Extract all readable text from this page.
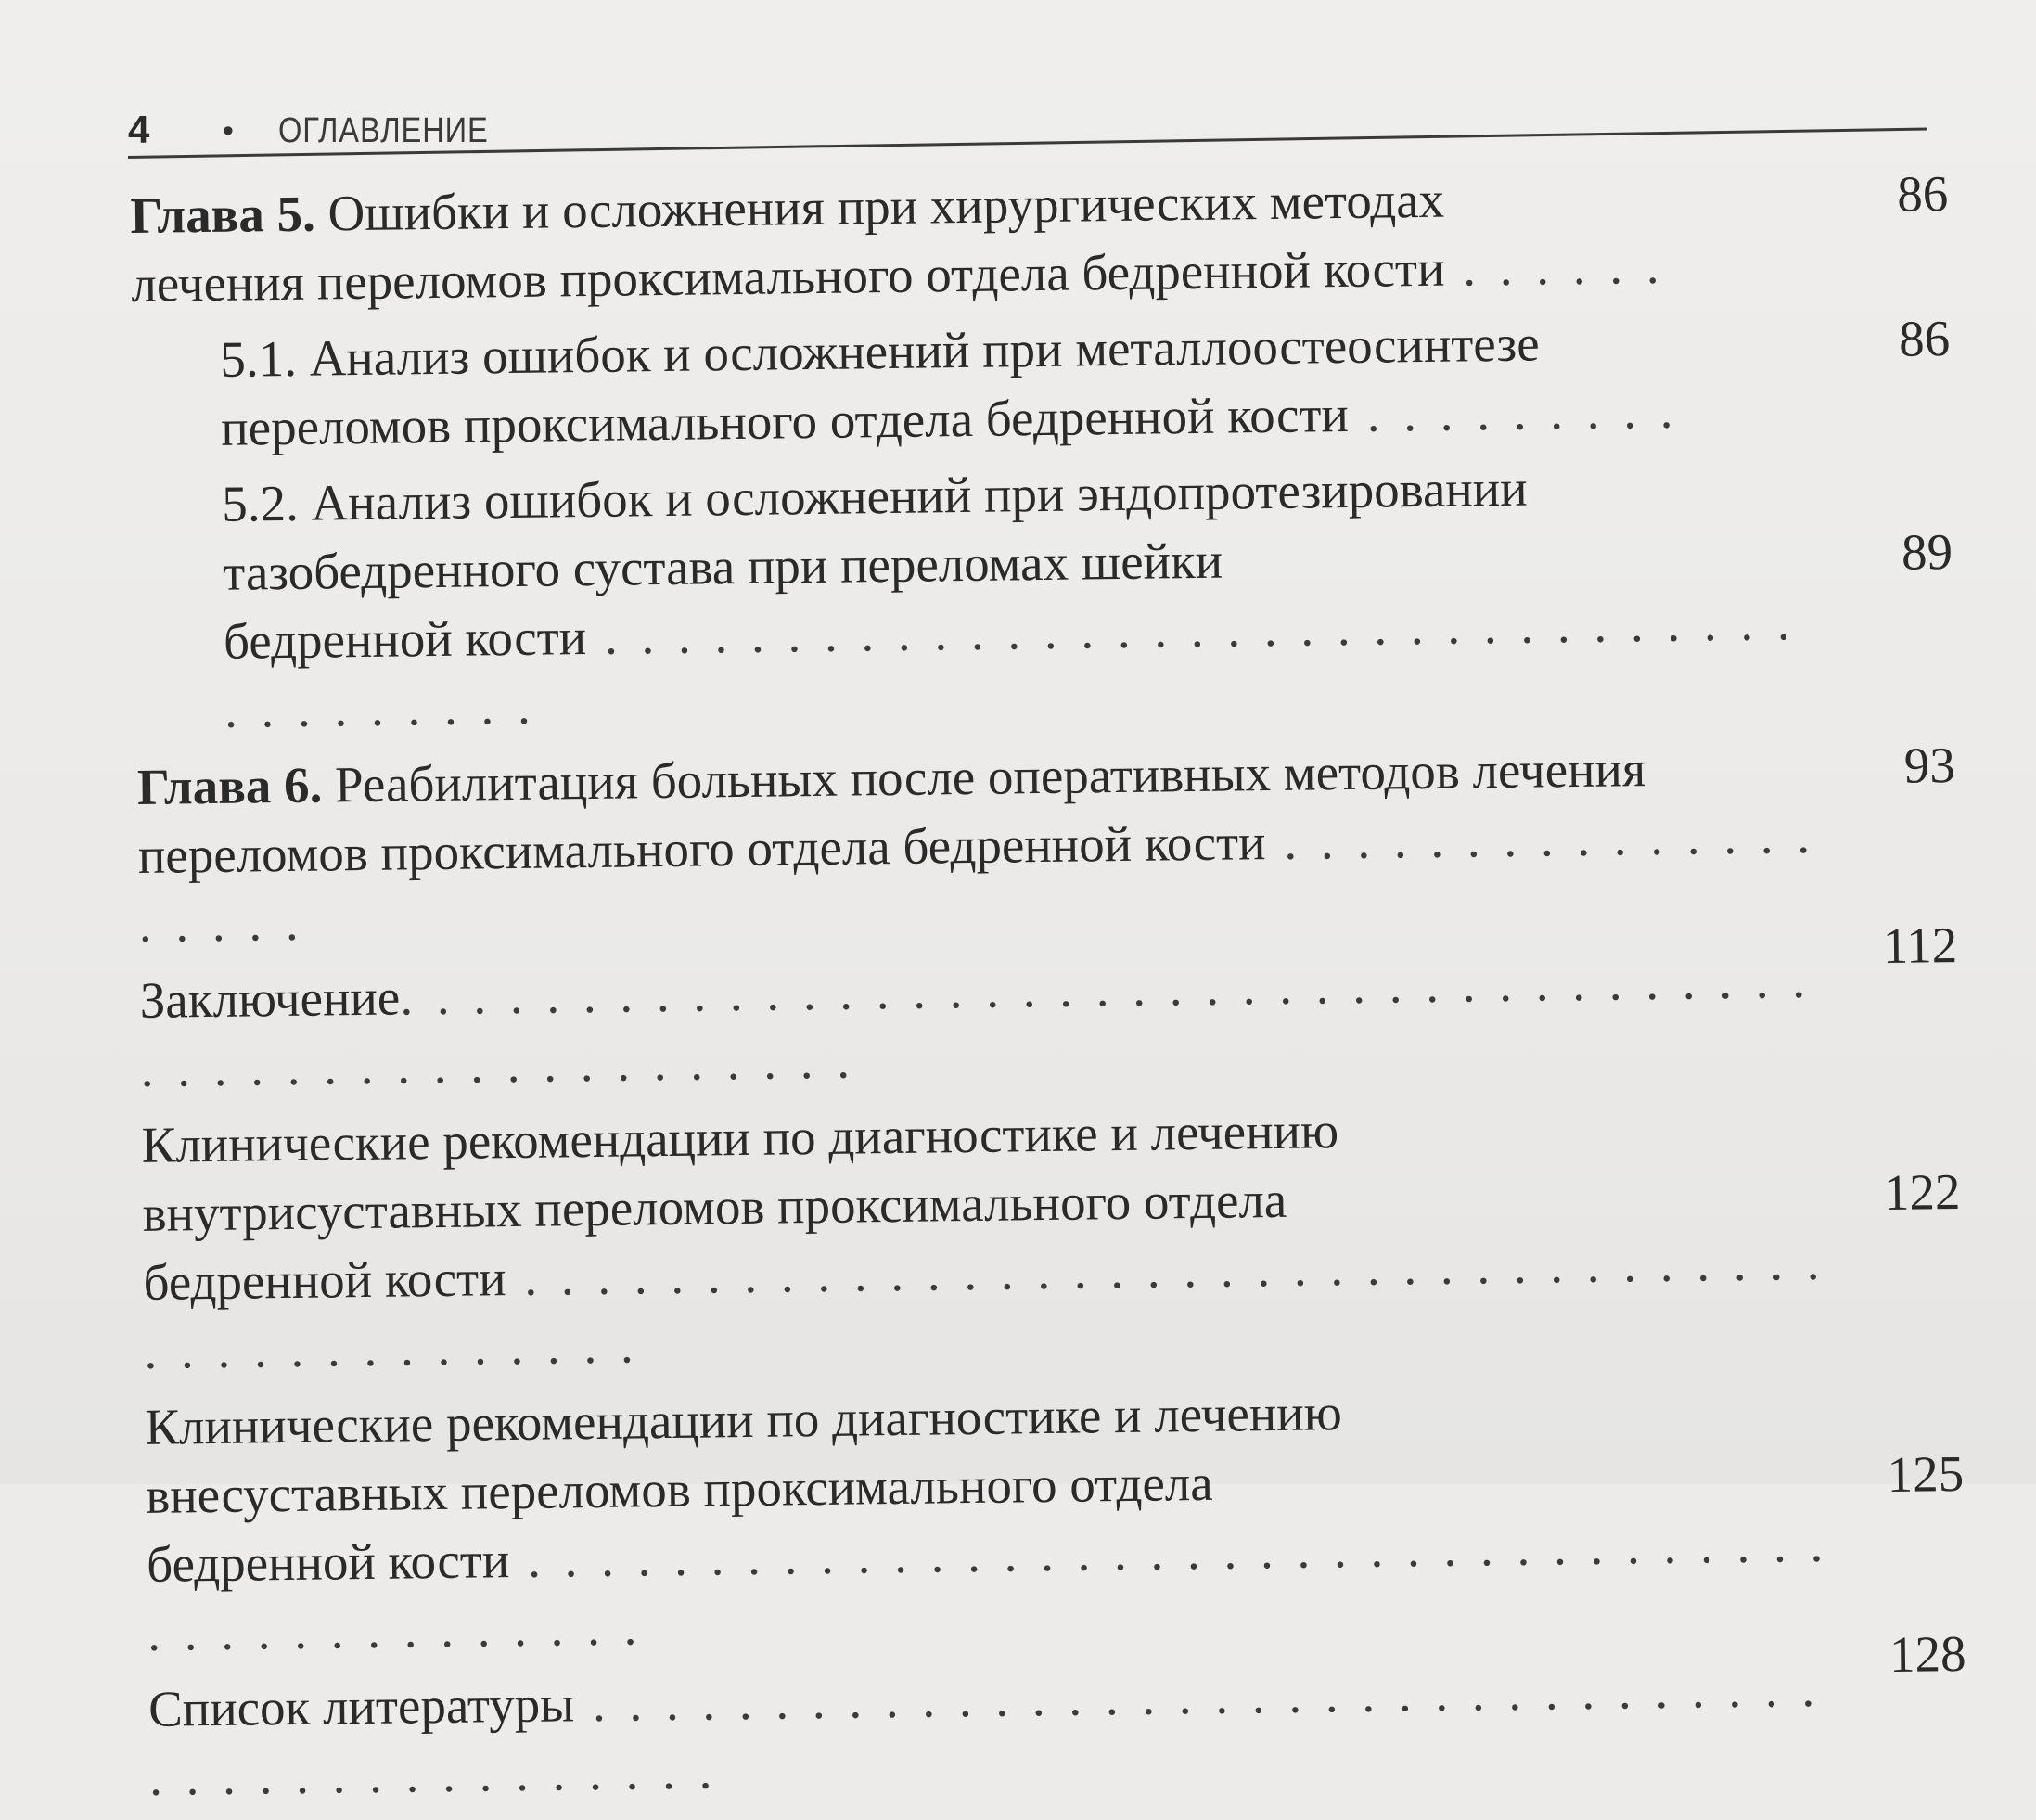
4 • ОГЛАВЛЕНИЕ
86
Глава 5. Ошибки и осложнения при хирургических методах
лечения переломов проксимального отдела бедренной кости . . . . . .
86
5.1. Анализ ошибок и осложнений при металлоостеосинтезе
переломов проксимального отдела бедренной кости . . . . . . . . .
89
5.2. Анализ ошибок и осложнений при эндопротезировании
тазобедренного сустава при переломах шейки
бедренной кости . . . . . . . . . . . . . . . . . . . . . . . . . . . . . . . . . . . . . . . . . .
93
Глава 6. Реабилитация больных после оперативных методов лечения
переломов проксимального отдела бедренной кости . . . . . . . . . . . . . . . . . . . .	112
Заключение. . . . . . . . . . . . . . . . . . . . . . . . . . . . . . . . . . . . . . . . . . . . . . . . . . . . . . . . . . .
122
Клинические рекомендации по диагностике и лечению
внутрисуставных переломов проксимального отдела
бедренной кости . . . . . . . . . . . . . . . . . . . . . . . . . . . . . . . . . . . . . . . . . . . . . . . . . .
125
Клинические рекомендации по диагностике и лечению
внесуставных переломов проксимального отдела
бедренной кости . . . . . . . . . . . . . . . . . . . . . . . . . . . . . . . . . . . . . . . . . . . . . . . . . .	128
Список литературы . . . . . . . . . . . . . . . . . . . . . . . . . . . . . . . . . . . . . . . . . . . . . . . . . .
